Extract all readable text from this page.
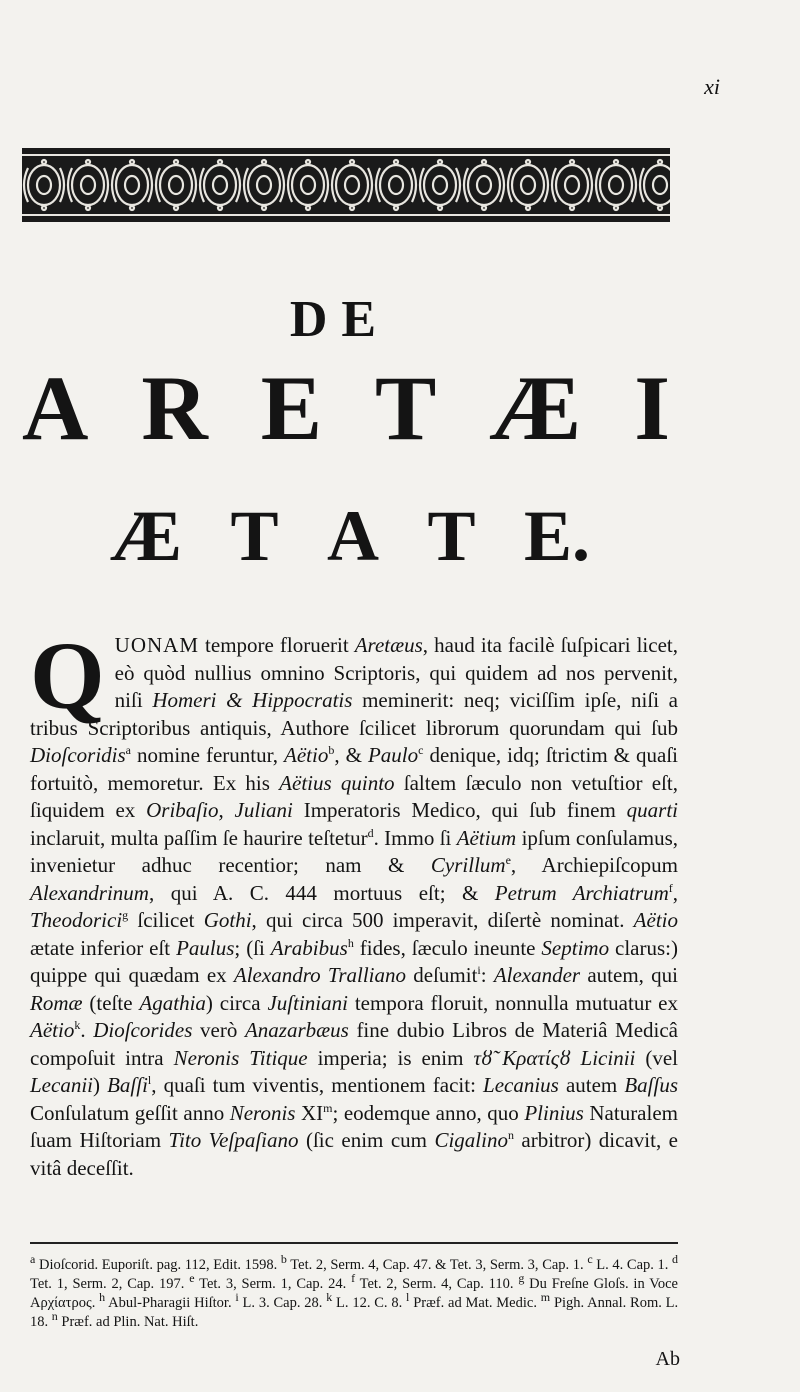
xi
DE
A R E T Æ I
Æ T A T E.
QUONAM tempore floruerit Aretæus, haud ita facilè ſuſpicari licet, eò quòd nullius omnino Scriptoris, qui quidem ad nos pervenit, niſi Homeri & Hippocratis meminerit: neq; viciſſim ipſe, niſi a tribus Scriptoribus antiquis, Authore ſcilicet librorum quorundam qui ſub Dioſcoridis$^a$ nomine feruntur, Aëtio$^b$, & Paulo$^c$ denique, idq; ſtrictim & quaſi fortuitò, memoretur. Ex his Aëtius quinto ſaltem ſæculo non vetuſtior eſt, ſiquidem ex Oribaſio, Juliani Imperatoris Medico, qui ſub finem quarti inclaruit, multa paſſim ſe haurire teſtetur$^d$. Immo ſi Aëtium ipſum conſulamus, invenietur adhuc recentior; nam & Cyrillum$^e$, Archiepiſcopum Alexandrinum, qui A. C. 444 mortuus eſt; & Petrum Archiatrum$^f$, Theodorici$^g$ ſcilicet Gothi, qui circa 500 imperavit, diſertè nominat. Aëtio ætate inferior eſt Paulus; (ſi Arabibus$^h$ fides, ſæculo ineunte Septimo clarus:) quippe qui quædam ex Alexandro Tralliano deſumit$^i$: Alexander autem, qui Romæ (teſte Agathia) circa Juſtiniani tempora floruit, nonnulla mutuatur ex Aëtio$^k$. Dioſcorides verò Anazarbæus fine dubio Libros de Materiâ Medicâ compoſuit intra Neronis Titique imperia; is enim τȣ̃ Κρατίςȣ Licinii (vel Lecanii) Baſſi$^l$, quaſi tum viventis, mentionem facit: Lecanius autem Baſſus Conſulatum geſſit anno Neronis $XI^m$; eodemque anno, quo Plinius Naturalem ſuam Hiſtoriam Tito Veſpaſiano (ſic enim cum Cigalino$^n$ arbitror) dicavit, e vitâ deceſſit.
$^a$ Dioſcorid. Euporiſt. pag. 112, Edit. 1598. $^b$ Tet. 2, Serm. 4, Cap. 47. & Tet. 3, Serm. 3, Cap. 1. $^c$ L. 4. Cap. 1. $^d$ Tet. 1, Serm. 2, Cap. 197. $^e$ Tet. 3, Serm. 1, Cap. 24. $^f$ Tet. 2, Serm. 4, Cap. 110. $^g$ Du Freſne Gloſs. in Voce Αρχίατρος. $^h$ Abul-Pharagii Hiſtor. $^i$ L. 3. Cap. 28. $^k$ L. 12. C. 8. $^l$ Præf. ad Mat. Medic. $^m$ Pigh. Annal. Rom. L. 18. $^n$ Præf. ad Plin. Nat. Hiſt.
Ab
